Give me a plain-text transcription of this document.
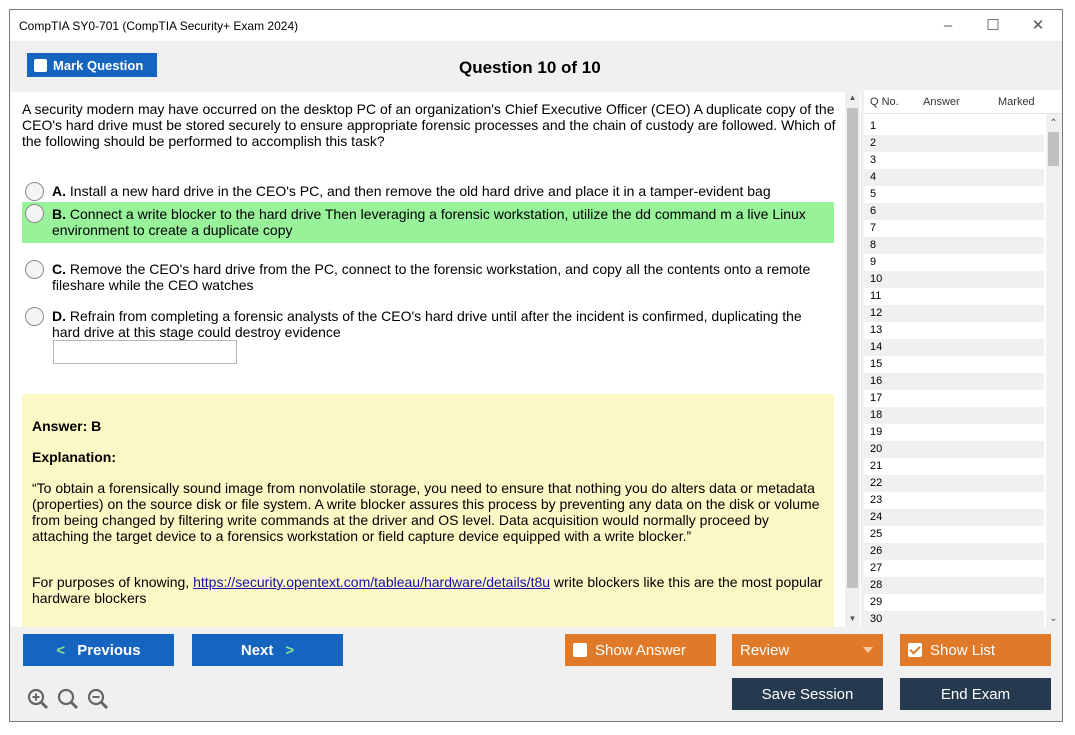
CompTIA SY0-701 (CompTIA Security+ Exam 2024)	–	☐	✕
Mark Question	Question 10 of 10
A security modern may have occurred on the desktop PC of an organization's Chief Executive Officer (CEO) A duplicate copy of the CEO's hard drive must be stored securely to ensure appropriate forensic processes and the chain of custody are followed. Which of the following should be performed to accomplish this task?
A. Install a new hard drive in the CEO's PC, and then remove the old hard drive and place it in a tamper-evident bag
B. Connect a write blocker to the hard drive Then leveraging a forensic workstation, utilize the dd command m a live Linux environment to create a duplicate copy
C. Remove the CEO's hard drive from the PC, connect to the forensic workstation, and copy all the contents onto a remote fileshare while the CEO watches
D. Refrain from completing a forensic analysts of the CEO's hard drive until after the incident is confirmed, duplicating the hard drive at this stage could destroy evidence
Answer: B
Explanation:
“To obtain a forensically sound image from nonvolatile storage, you need to ensure that nothing you do alters data or metadata (properties) on the source disk or file system. A write blocker assures this process by preventing any data on the disk or volume from being changed by filtering write commands at the driver and OS level. Data acquisition would normally proceed by attaching the target device to a forensics workstation or field capture device equipped with a write blocker.”
For purposes of knowing, https://security.opentext.com/tableau/hardware/details/t8u write blockers like this are the most popular hardware blockers
▲
▼
Q No. Answer	Marked
1
2
3
4
5
6
7
8
9
10
11
12
13
14
15
16
17
18
19
20
21
22
23
24
25
26
27
28
29
30
⌃
⌄
< Previous	Next >	Show Answer	Review	Show List
Save Session	End Exam
